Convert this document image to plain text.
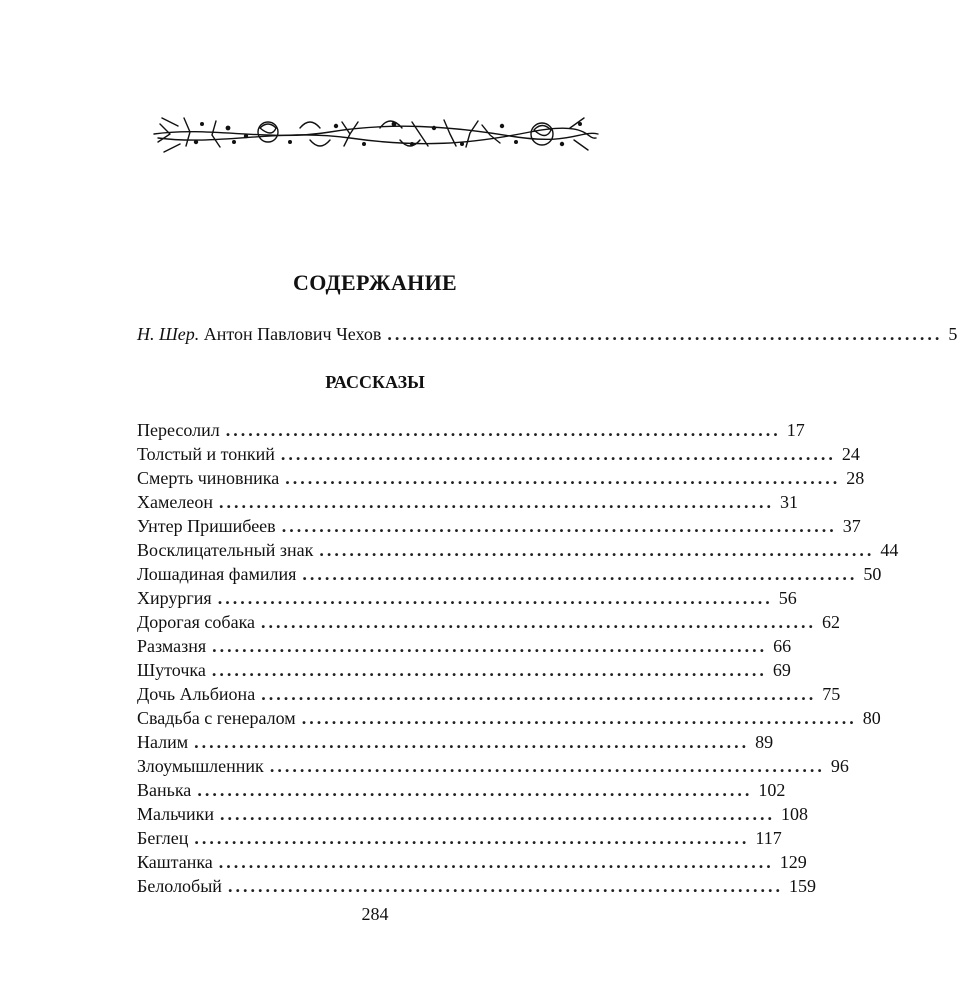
СОДЕРЖАНИЕ
Н. Шер. Антон Павлович Чехов .......................................................................... 5
РАССКАЗЫ
Пересолил .......................................................................... 17
Толстый и тонкий .......................................................................... 24
Смерть чиновника .......................................................................... 28
Хамелеон .......................................................................... 31
Унтер Пришибеев .......................................................................... 37
Восклицательный знак .......................................................................... 44
Лошадиная фамилия .......................................................................... 50
Хирургия .......................................................................... 56
Дорогая собака .......................................................................... 62
Размазня .......................................................................... 66
Шуточка .......................................................................... 69
Дочь Альбиона .......................................................................... 75
Свадьба с генералом .......................................................................... 80
Налим .......................................................................... 89
Злоумышленник .......................................................................... 96
Ванька .......................................................................... 102
Мальчики .......................................................................... 108
Беглец .......................................................................... 117
Каштанка .......................................................................... 129
Белолобый .......................................................................... 159
284
